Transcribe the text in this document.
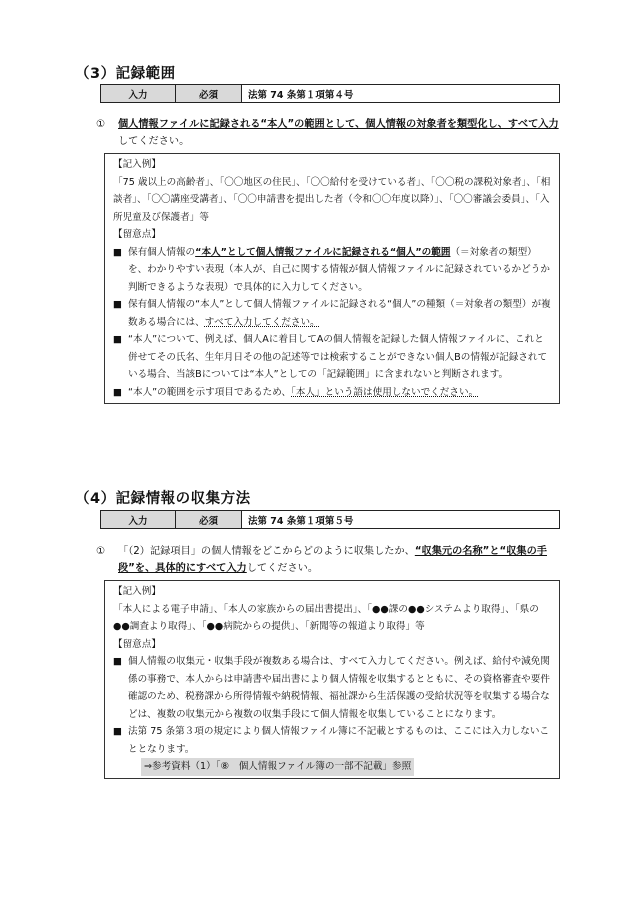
（3）記録範囲
入力	必須	法第 74 条第１項第４号
① 個人情報ファイルに記録される“本人”の範囲として、個人情報の対象者を類型化し、すべて入力してください。

【記入例】

「75 歳以上の高齢者」、「〇〇地区の住民」、「〇〇給付を受けている者」、「〇〇税の課税対象者」、「相談者」、「〇〇講座受講者」、「〇〇申請書を提出した者（令和〇〇年度以降）」、「〇〇審議会委員」、「入所児童及び保護者」等

【留意点】

■ 保有個人情報の“本人”として個人情報ファイルに記録される“個人”の範囲（＝対象者の類型）を、わかりやすい表現（本人が、自己に関する情報が個人情報ファイルに記録されているかどうか判断できるような表現）で具体的に入力してください。

■ 保有個人情報の“本人”として個人情報ファイルに記録される“個人”の種類（＝対象者の類型）が複数ある場合には、すべて入力してください。

■ “本人”について、例えば、個人Aに着目してAの個人情報を記録した個人情報ファイルに、これと併せてその氏名、生年月日その他の記述等では検索することができない個人Bの情報が記録されている場合、当該Bについては“本人”としての「記録範囲」に含まれないと判断されます。

■ “本人”の範囲を示す項目であるため、「本人」という語は使用しないでください。

（4）記録情報の収集方法
入力	必須	法第 74 条第１項第５号
① 「（2）記録項目」の個人情報をどこからどのように収集したか、“収集元の名称”と“収集の手段”を、具体的にすべて入力してください。

【記入例】

「本人による電子申請」、「本人の家族からの届出書提出」、「●●課の●●システムより取得」、「県の●●調査より取得」、「●●病院からの提供」、「新聞等の報道より取得」等

【留意点】

■ 個人情報の収集元・収集手段が複数ある場合は、すべて入力してください。例えば、給付や減免関係の事務で、本人からは申請書や届出書により個人情報を収集するとともに、その資格審査や要件確認のため、税務課から所得情報や納税情報、福祉課から生活保護の受給状況等を収集する場合などは、複数の収集元から複数の収集手段にて個人情報を収集していることになります。

■ 法第 75 条第３項の規定により個人情報ファイル簿に不記載とするものは、ここには入力しないこととなります。

⇒参考資料（1）「⑧　個人情報ファイル簿の一部不記載」参照
